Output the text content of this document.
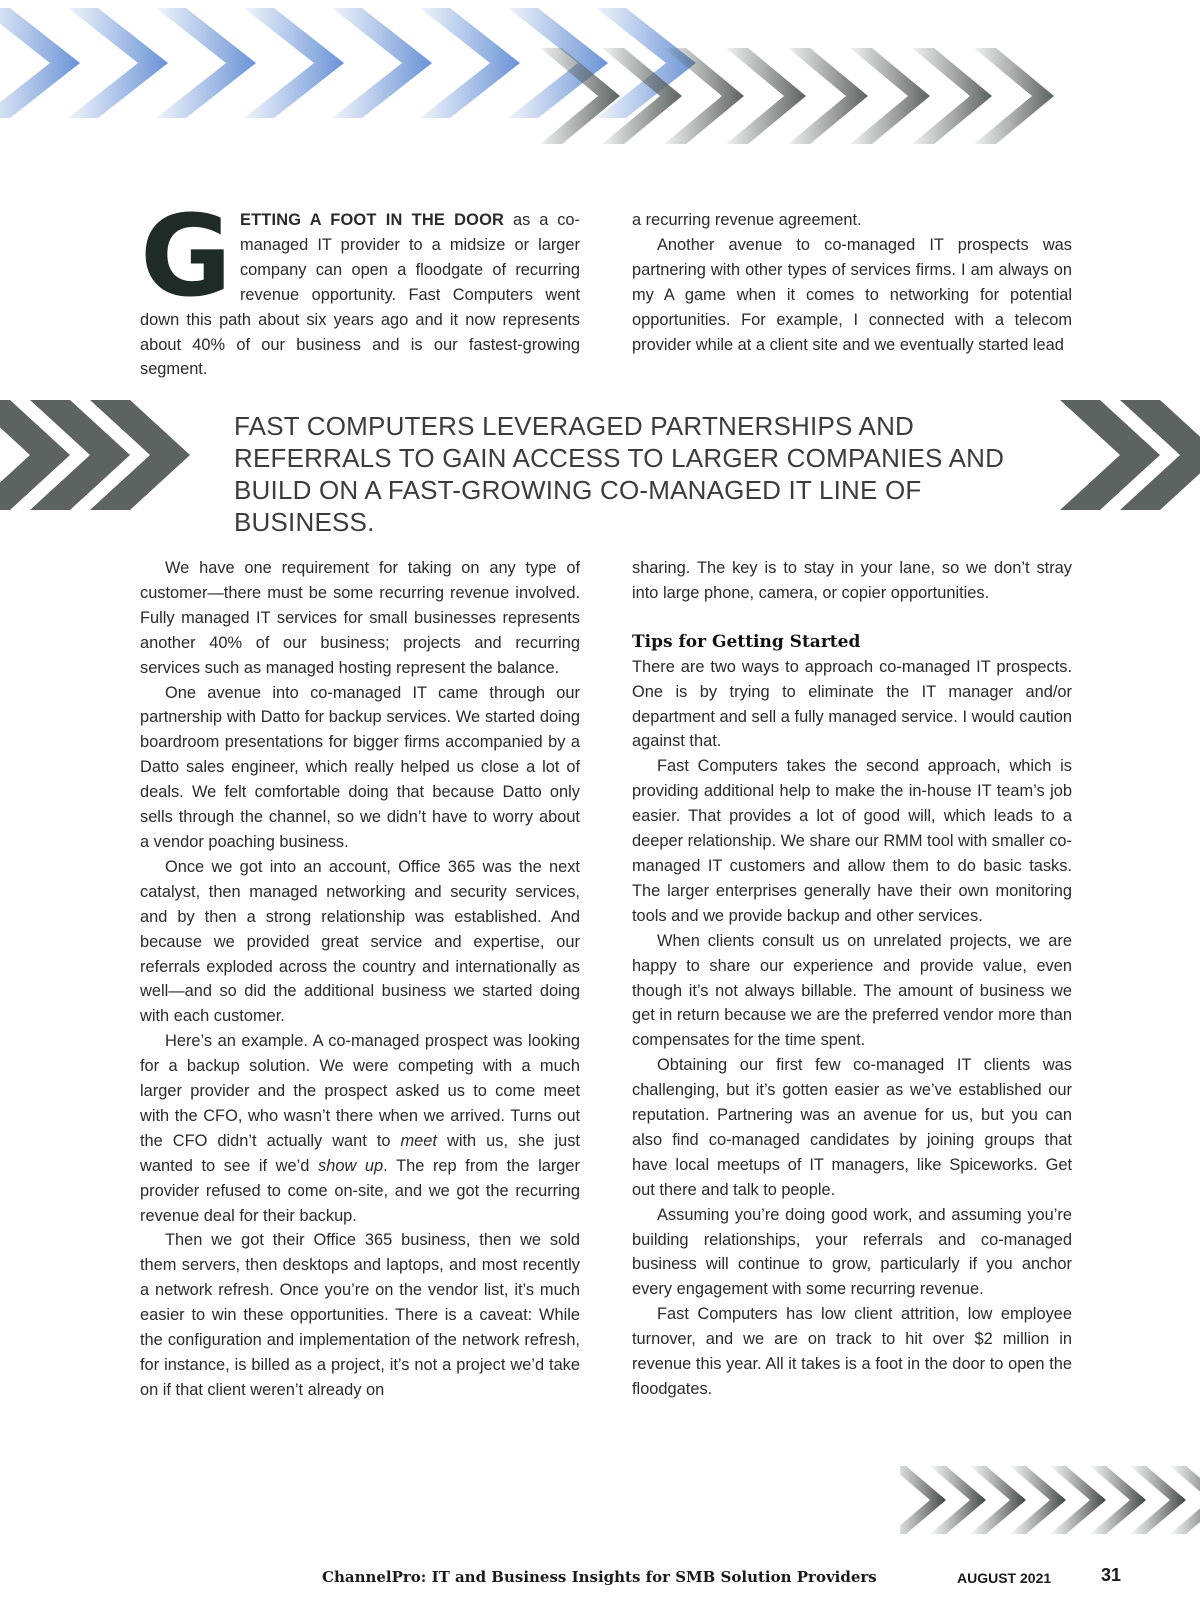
GETTING A FOOT IN THE DOOR as a co-managed IT provider to a midsize or larger company can open a floodgate of recurring revenue opportunity. Fast Computers went down this path about six years ago and it now represents about 40% of our business and is our fastest-growing segment.

a recurring revenue agreement.

Another avenue to co-managed IT prospects was partnering with other types of services firms. I am always on my A game when it comes to networking for potential opportunities. For example, I connected with a telecom provider while at a client site and we eventually started lead

FAST COMPUTERS LEVERAGED PARTNERSHIPS AND REFERRALS TO GAIN ACCESS TO LARGER COMPANIES AND BUILD ON A FAST-GROWING CO-MANAGED IT LINE OF BUSINESS.

We have one requirement for taking on any type of customer—there must be some recurring revenue involved. Fully managed IT services for small businesses represents another 40% of our business; projects and recurring services such as managed hosting represent the balance.

One avenue into co-managed IT came through our partnership with Datto for backup services. We started doing boardroom presentations for bigger firms accompanied by a Datto sales engineer, which really helped us close a lot of deals. We felt comfortable doing that because Datto only sells through the channel, so we didn’t have to worry about a vendor poaching business.

Once we got into an account, Office 365 was the next catalyst, then managed networking and security services, and by then a strong relationship was established. And because we provided great service and expertise, our referrals exploded across the country and internationally as well—and so did the additional business we started doing with each customer.

Here’s an example. A co-managed prospect was looking for a backup solution. We were competing with a much larger provider and the prospect asked us to come meet with the CFO, who wasn’t there when we arrived. Turns out the CFO didn’t actually want to meet with us, she just wanted to see if we’d show up. The rep from the larger provider refused to come on-site, and we got the recurring revenue deal for their backup.

Then we got their Office 365 business, then we sold them servers, then desktops and laptops, and most recently a network refresh. Once you’re on the vendor list, it’s much easier to win these opportunities. There is a caveat: While the configuration and implementation of the network refresh, for instance, is billed as a project, it’s not a project we’d take on if that client weren’t already on

sharing. The key is to stay in your lane, so we don’t stray into large phone, camera, or copier opportunities.

Tips for Getting Started

There are two ways to approach co-managed IT prospects. One is by trying to eliminate the IT manager and/or department and sell a fully managed service. I would caution against that.

Fast Computers takes the second approach, which is providing additional help to make the in-house IT team’s job easier. That provides a lot of good will, which leads to a deeper relationship. We share our RMM tool with smaller co-managed IT customers and allow them to do basic tasks. The larger enterprises generally have their own monitoring tools and we provide backup and other services.

When clients consult us on unrelated projects, we are happy to share our experience and provide value, even though it’s not always billable. The amount of business we get in return because we are the preferred vendor more than compensates for the time spent.

Obtaining our first few co-managed IT clients was challenging, but it’s gotten easier as we’ve established our reputation. Partnering was an avenue for us, but you can also find co-managed candidates by joining groups that have local meetups of IT managers, like Spiceworks. Get out there and talk to people.

Assuming you’re doing good work, and assuming you’re building relationships, your referrals and co-managed business will continue to grow, particularly if you anchor every engagement with some recurring revenue.

Fast Computers has low client attrition, low employee turnover, and we are on track to hit over $2 million in revenue this year. All it takes is a foot in the door to open the floodgates.

ChannelPro: IT and Business Insights for SMB Solution Providers	AUGUST 2021	31
